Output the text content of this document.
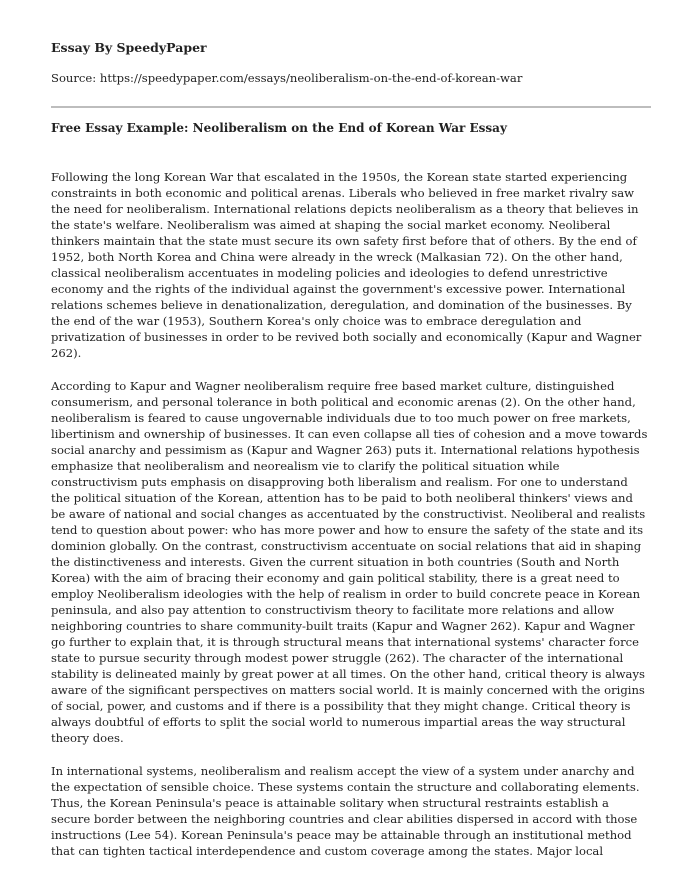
Essay By SpeedyPaper

Source: https://speedypaper.com/essays/neoliberalism-on-the-end-of-korean-war

Free Essay Example: Neoliberalism on the End of Korean War Essay

Following the long Korean War that escalated in the 1950s, the Korean state started experiencing
constraints in both economic and political arenas. Liberals who believed in free market rivalry saw
the need for neoliberalism. International relations depicts neoliberalism as a theory that believes in
the state's welfare. Neoliberalism was aimed at shaping the social market economy. Neoliberal
thinkers maintain that the state must secure its own safety first before that of others. By the end of
1952, both North Korea and China were already in the wreck (Malkasian 72). On the other hand,
classical neoliberalism accentuates in modeling policies and ideologies to defend unrestrictive
economy and the rights of the individual against the government's excessive power. International
relations schemes believe in denationalization, deregulation, and domination of the businesses. By
the end of the war (1953), Southern Korea's only choice was to embrace deregulation and
privatization of businesses in order to be revived both socially and economically (Kapur and Wagner
262).

According to Kapur and Wagner neoliberalism require free based market culture, distinguished
consumerism, and personal tolerance in both political and economic arenas (2). On the other hand,
neoliberalism is feared to cause ungovernable individuals due to too much power on free markets,
libertinism and ownership of businesses. It can even collapse all ties of cohesion and a move towards
social anarchy and pessimism as (Kapur and Wagner 263) puts it. International relations hypothesis
emphasize that neoliberalism and neorealism vie to clarify the political situation while
constructivism puts emphasis on disapproving both liberalism and realism. For one to understand
the political situation of the Korean, attention has to be paid to both neoliberal thinkers' views and
be aware of national and social changes as accentuated by the constructivist. Neoliberal and realists
tend to question about power: who has more power and how to ensure the safety of the state and its
dominion globally. On the contrast, constructivism accentuate on social relations that aid in shaping
the distinctiveness and interests. Given the current situation in both countries (South and North
Korea) with the aim of bracing their economy and gain political stability, there is a great need to
employ Neoliberalism ideologies with the help of realism in order to build concrete peace in Korean
peninsula, and also pay attention to constructivism theory to facilitate more relations and allow
neighboring countries to share community-built traits (Kapur and Wagner 262). Kapur and Wagner
go further to explain that, it is through structural means that international systems' character force
state to pursue security through modest power struggle (262). The character of the international
stability is delineated mainly by great power at all times. On the other hand, critical theory is always
aware of the significant perspectives on matters social world. It is mainly concerned with the origins
of social, power, and customs and if there is a possibility that they might change. Critical theory is
always doubtful of efforts to split the social world to numerous impartial areas the way structural
theory does.

In international systems, neoliberalism and realism accept the view of a system under anarchy and
the expectation of sensible choice. These systems contain the structure and collaborating elements.
Thus, the Korean Peninsula's peace is attainable solitary when structural restraints establish a
secure border between the neighboring countries and clear abilities dispersed in accord with those
instructions (Lee 54). Korean Peninsula's peace may be attainable through an institutional method
that can tighten tactical interdependence and custom coverage among the states. Major local
